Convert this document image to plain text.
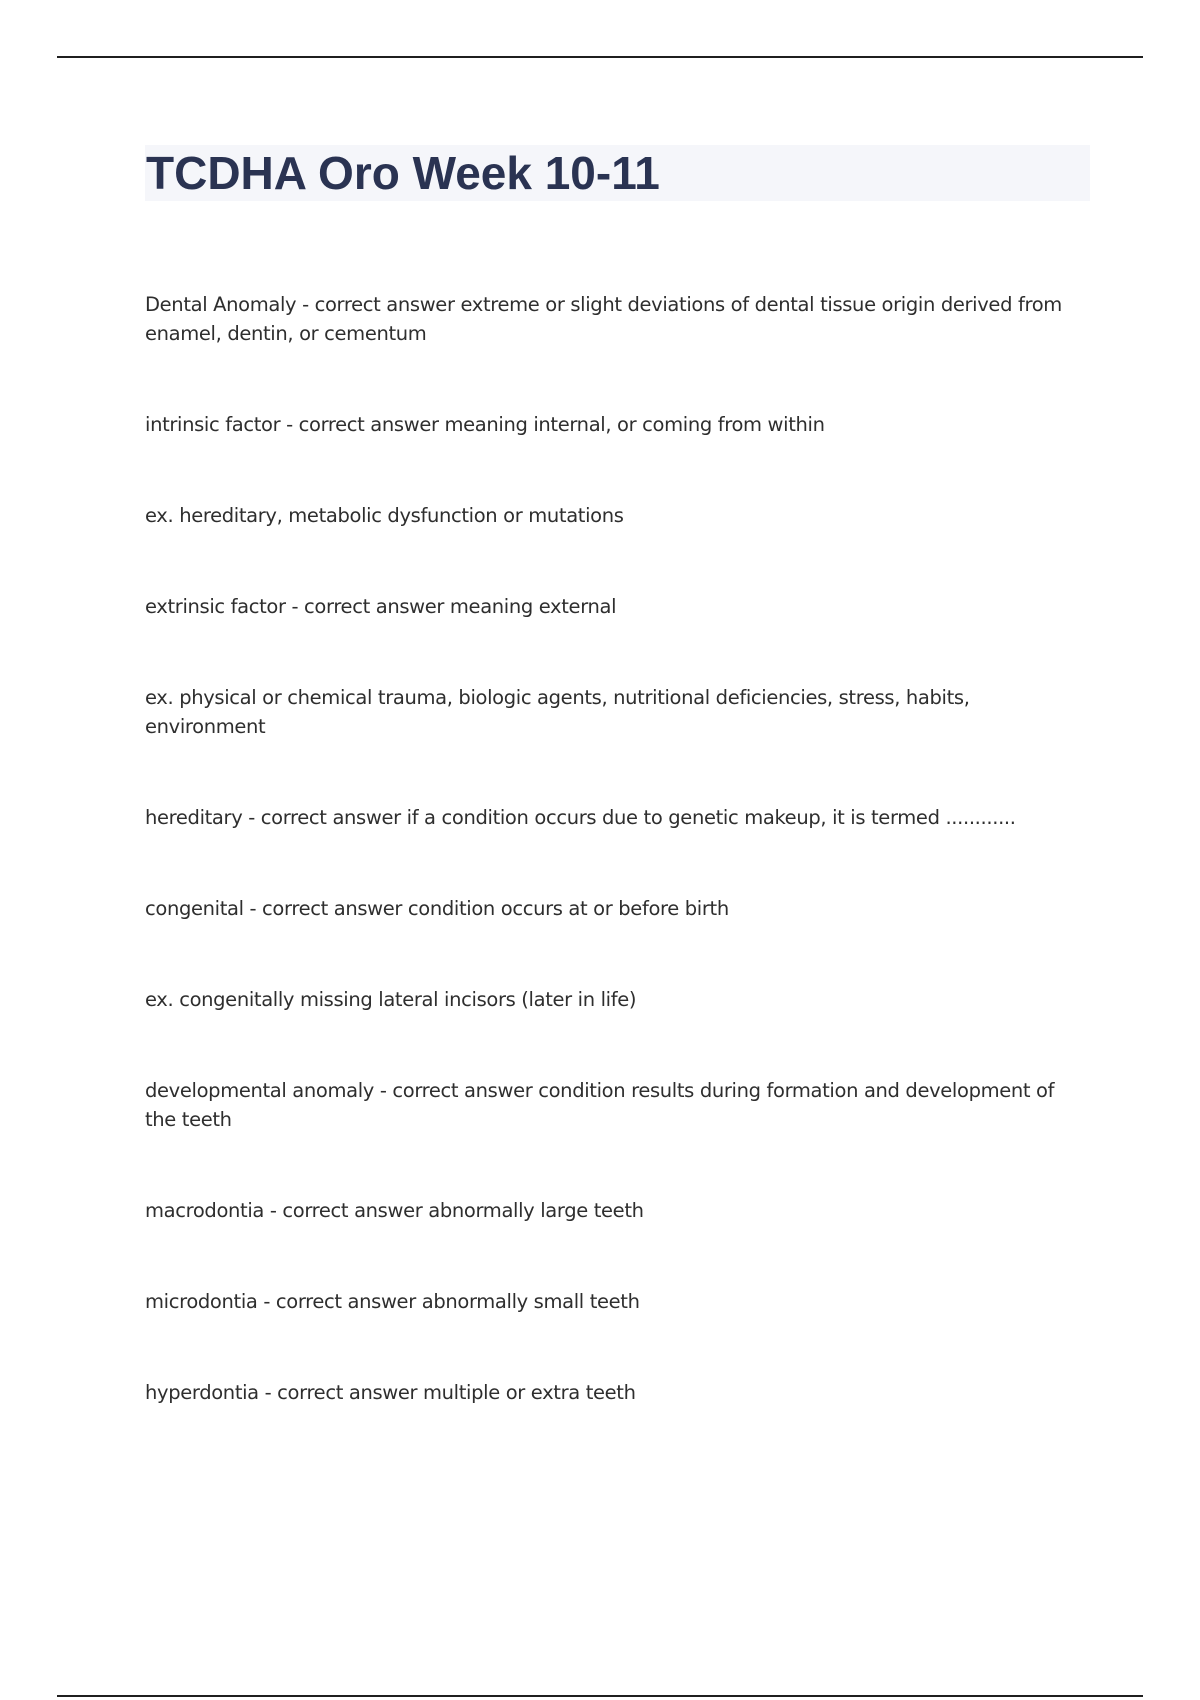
TCDHA Oro Week 10-11

Dental Anomaly - correct answer extreme or slight deviations of dental tissue origin derived from enamel, dentin, or cementum

intrinsic factor - correct answer meaning internal, or coming from within

ex. hereditary, metabolic dysfunction or mutations

extrinsic factor - correct answer meaning external

ex. physical or chemical trauma, biologic agents, nutritional deficiencies, stress, habits, environment

hereditary - correct answer if a condition occurs due to genetic makeup, it is termed ............

congenital - correct answer condition occurs at or before birth

ex. congenitally missing lateral incisors (later in life)

developmental anomaly - correct answer condition results during formation and development of the teeth

macrodontia - correct answer abnormally large teeth

microdontia - correct answer abnormally small teeth

hyperdontia - correct answer multiple or extra teeth
